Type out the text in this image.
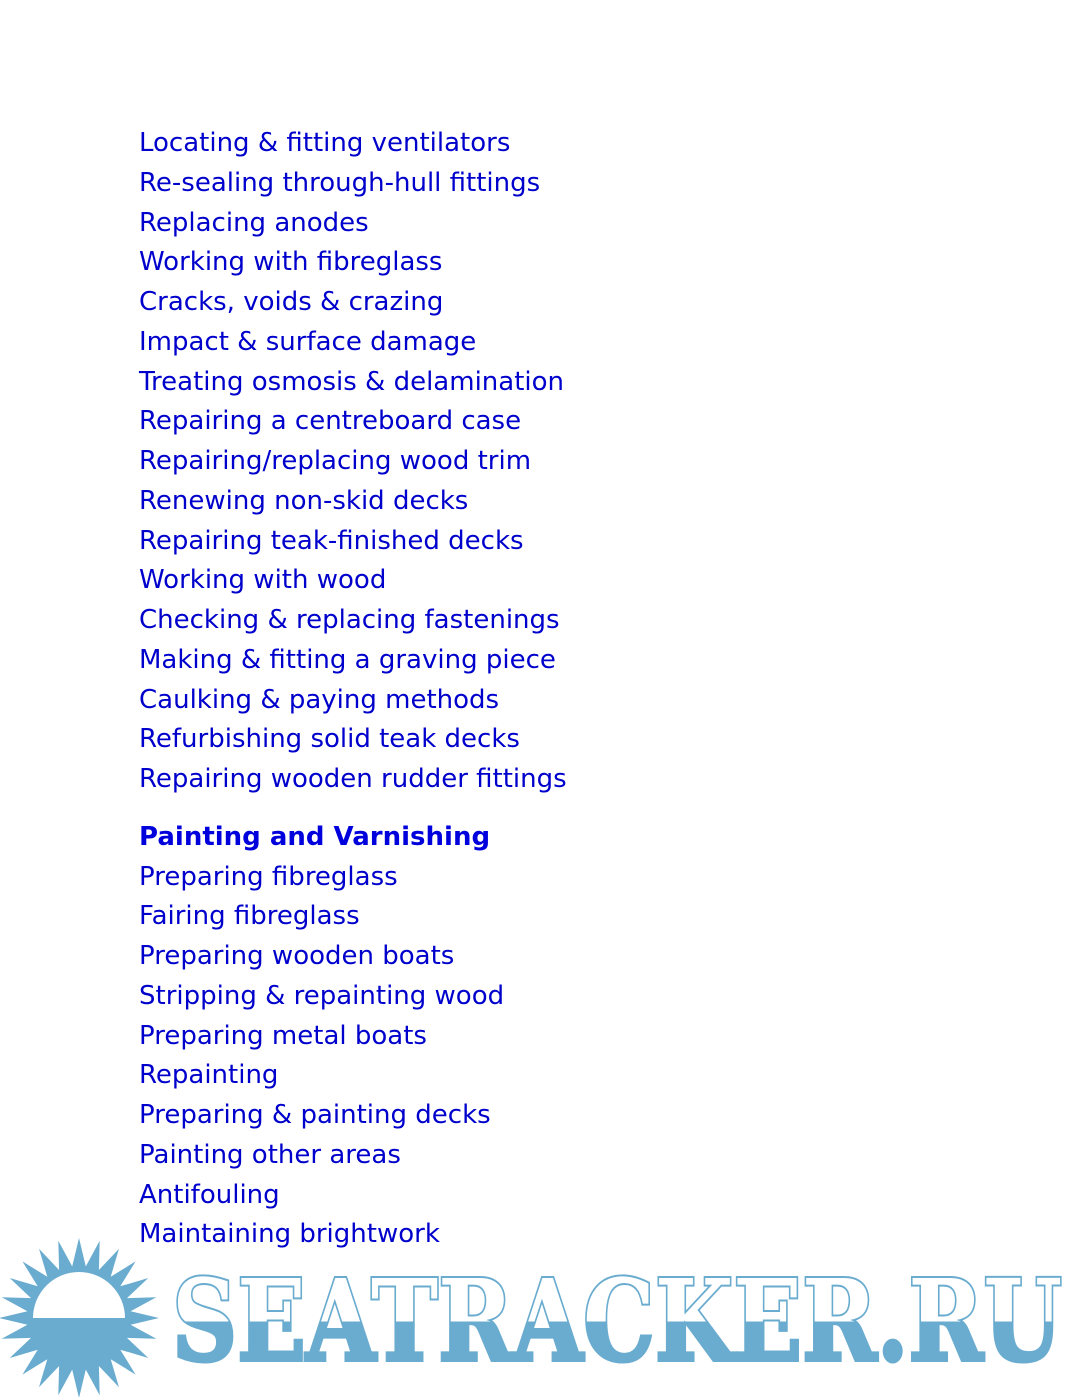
Locating & fitting ventilators
Re-sealing through-hull fittings
Replacing anodes
Working with fibreglass
Cracks, voids & crazing
Impact & surface damage
Treating osmosis & delamination
Repairing a centreboard case
Repairing/replacing wood trim
Renewing non-skid decks
Repairing teak-finished decks
Working with wood
Checking & replacing fastenings
Making & fitting a graving piece
Caulking & paying methods
Refurbishing solid teak decks
Repairing wooden rudder fittings
Painting and Varnishing
Preparing fibreglass
Fairing fibreglass
Preparing wooden boats
Stripping & repainting wood
Preparing metal boats
Repainting
Preparing & painting decks
Painting other areas
Antifouling
Maintaining brightwork
SEATRACKER.RU
